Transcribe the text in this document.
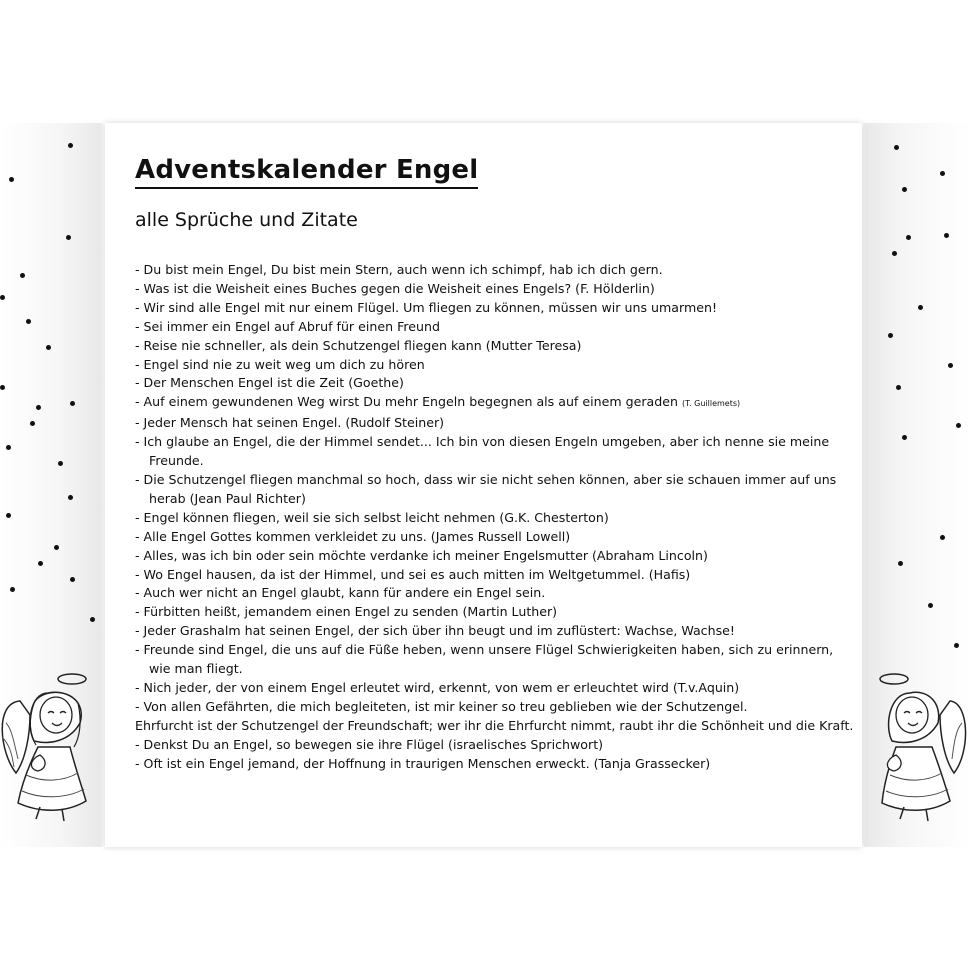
Adventskalender Engel
alle Sprüche und Zitate
- Du bist mein Engel, Du bist mein Stern, auch wenn ich schimpf, hab ich dich gern.
- Was ist die Weisheit eines Buches gegen die Weisheit eines Engels? (F. Hölderlin)
- Wir sind alle Engel mit nur einem Flügel. Um fliegen zu können, müssen wir uns umarmen!
- Sei immer ein Engel auf Abruf für einen Freund
- Reise nie schneller, als dein Schutzengel fliegen kann (Mutter Teresa)
- Engel sind nie zu weit weg um dich zu hören
- Der Menschen Engel ist die Zeit (Goethe)
- Auf einem gewundenen Weg wirst Du mehr Engeln begegnen als auf einem geraden (T. Guillemets)
- Jeder Mensch hat seinen Engel. (Rudolf Steiner)
- Ich glaube an Engel, die der Himmel sendet... Ich bin von diesen Engeln umgeben, aber ich nenne sie meine Freunde.
- Die Schutzengel fliegen manchmal so hoch, dass wir sie nicht sehen können, aber sie schauen immer auf uns herab (Jean Paul Richter)
- Engel können fliegen, weil sie sich selbst leicht nehmen (G.K. Chesterton)
- Alle Engel Gottes kommen verkleidet zu uns. (James Russell Lowell)
- Alles, was ich bin oder sein möchte verdanke ich meiner Engelsmutter (Abraham Lincoln)
- Wo Engel hausen, da ist der Himmel, und sei es auch mitten im Weltgetummel. (Hafis)
- Auch wer nicht an Engel glaubt, kann für andere ein Engel sein.
- Fürbitten heißt, jemandem einen Engel zu senden (Martin Luther)
- Jeder Grashalm hat seinen Engel, der sich über ihn beugt und im zuflüstert: Wachse, Wachse!
- Freunde sind Engel, die uns auf die Füße heben, wenn unsere Flügel Schwierigkeiten haben, sich zu erinnern, wie man fliegt.
- Nich jeder, der von einem Engel erleutet wird, erkennt, von wem er erleuchtet wird (T.v.Aquin)
- Von allen Gefährten, die mich begleiteten, ist mir keiner so treu geblieben wie der Schutzengel.
Ehrfurcht ist der Schutzengel der Freundschaft; wer ihr die Ehrfurcht nimmt, raubt ihr die Schönheit und die Kraft.
- Denkst Du an Engel, so bewegen sie ihre Flügel (israelisches Sprichwort)
- Oft ist ein Engel jemand, der Hoffnung in traurigen Menschen erweckt. (Tanja Grassecker)
